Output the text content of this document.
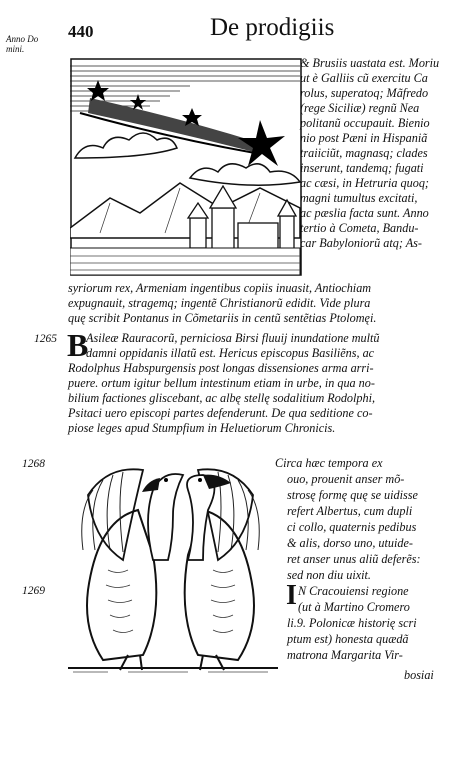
Anno Do
mini.
440	De prodigiis
& Brusiis uastata est. Moriu
ut è Galliis cũ exercitu Ca
rolus, superatoq; Mãfredo
(rege Siciliæ) regnũ Nea
politanũ occupauit. Bienio
nio post Pæni in Hispaniã
traiiciũt, magnasq; clades
inserunt, tandemq; fugati
ac cæsi, in Hetruria quoq;
magni tumultus excitati,
ac pæslia facta sunt. Anno
tertio à Cometa, Bandu-
car Babyloniorũ atq; As-
syriorum rex, Armeniam ingentibus copiis inuasit, Antiochiam
expugnauit, stragemq; ingentẽ Christianorũ edidit. Vide plura
quę scribit Pontanus in Cõmetariis in centũ sentẽtias Ptolomęi.
1265 B
Asileæ Rauracorũ, perniciosa Birsi fluuij inundatione multũ
damni oppidanis illatũ est. Hericus episcopus Basiliẽns, ac
Rodolphus Habspurgensis post longas dissensiones arma arri-
puere. ortum igitur bellum intestinum etiam in urbe, in qua no-
bilium factiones gliscebant, ac albę stellę sodalitium Rodolphi,
Psitaci uero episcopi partes defenderunt. De qua seditione co-
piose leges apud Stumpfium in Heluetiorum Chronicis.
1268	Circa hæc tempora ex
ouo, prouenit anser mõ-
strosę formę quę se uidisse
refert Albertus, cum dupli
ci collo, quaternis pedibus
& alis, dorso uno, utuide-
ret anser unus aliũ deferẽs:
sed non diu uixit.
1269	I N Cracouiensi regione
(ut à Martino Cromero
li.9. Polonicæ historię scri
ptum est) honesta quædã
matrona Margarita Vir-
bosiai
